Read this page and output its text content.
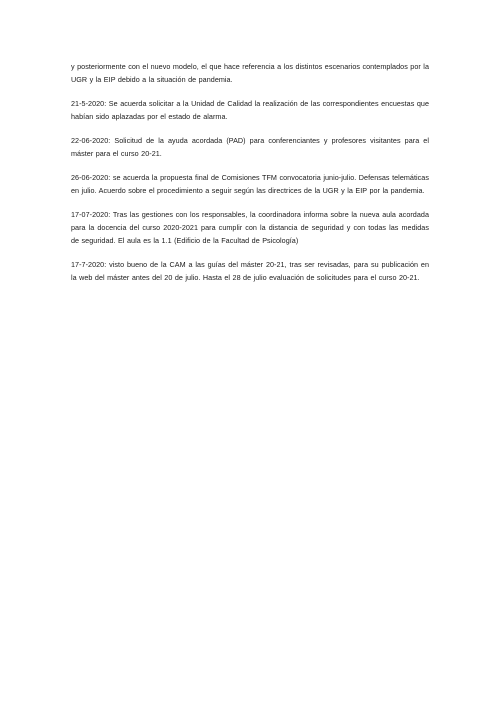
y posteriormente con el nuevo modelo, el que hace referencia a los distintos escenarios contemplados por la UGR y la EIP debido a la situación de pandemia.

21-5-2020: Se acuerda solicitar a la Unidad de Calidad la realización de las correspondientes encuestas que habían sido aplazadas por el estado de alarma.

22-06-2020: Solicitud de la ayuda acordada (PAD) para conferenciantes y profesores visitantes para el máster para el curso 20-21.

26-06-2020: se acuerda la propuesta final de Comisiones TFM convocatoria junio-julio. Defensas telemáticas en julio. Acuerdo sobre el procedimiento a seguir según las directrices de la UGR y la EIP por la pandemia.

17-07-2020: Tras las gestiones con los responsables, la coordinadora informa sobre la nueva aula acordada para la docencia del curso 2020-2021 para cumplir con la distancia de seguridad y con todas las medidas de seguridad. El aula es la 1.1 (Edificio de la Facultad de Psicología)

17-7-2020: visto bueno de la CAM a las guías del máster 20-21, tras ser revisadas, para su publicación en la web del máster antes del 20 de julio. Hasta el 28 de julio evaluación de solicitudes para el curso 20-21.
